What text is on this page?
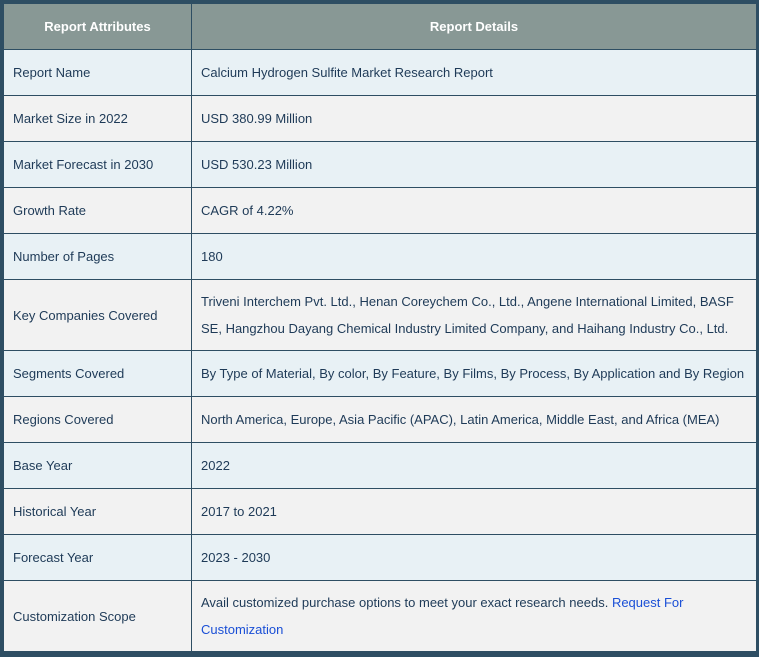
Report Attributes	Report Details
Report Name	Calcium Hydrogen Sulfite Market Research Report
Market Size in 2022	USD 380.99 Million
Market Forecast in 2030	USD 530.23 Million
Growth Rate	CAGR of 4.22%
Number of Pages	180
Key Companies Covered	Triveni Interchem Pvt. Ltd., Henan Coreychem Co., Ltd., Angene International Limited, BASF SE, Hangzhou Dayang Chemical Industry Limited Company, and Haihang Industry Co., Ltd.
Segments Covered	By Type of Material, By color, By Feature, By Films, By Process, By Application and By Region
Regions Covered	North America, Europe, Asia Pacific (APAC), Latin America, Middle East, and Africa (MEA)
Base Year	2022
Historical Year	2017 to 2021
Forecast Year	2023 - 2030
Customization Scope	Avail customized purchase options to meet your exact research needs. Request For Customization
